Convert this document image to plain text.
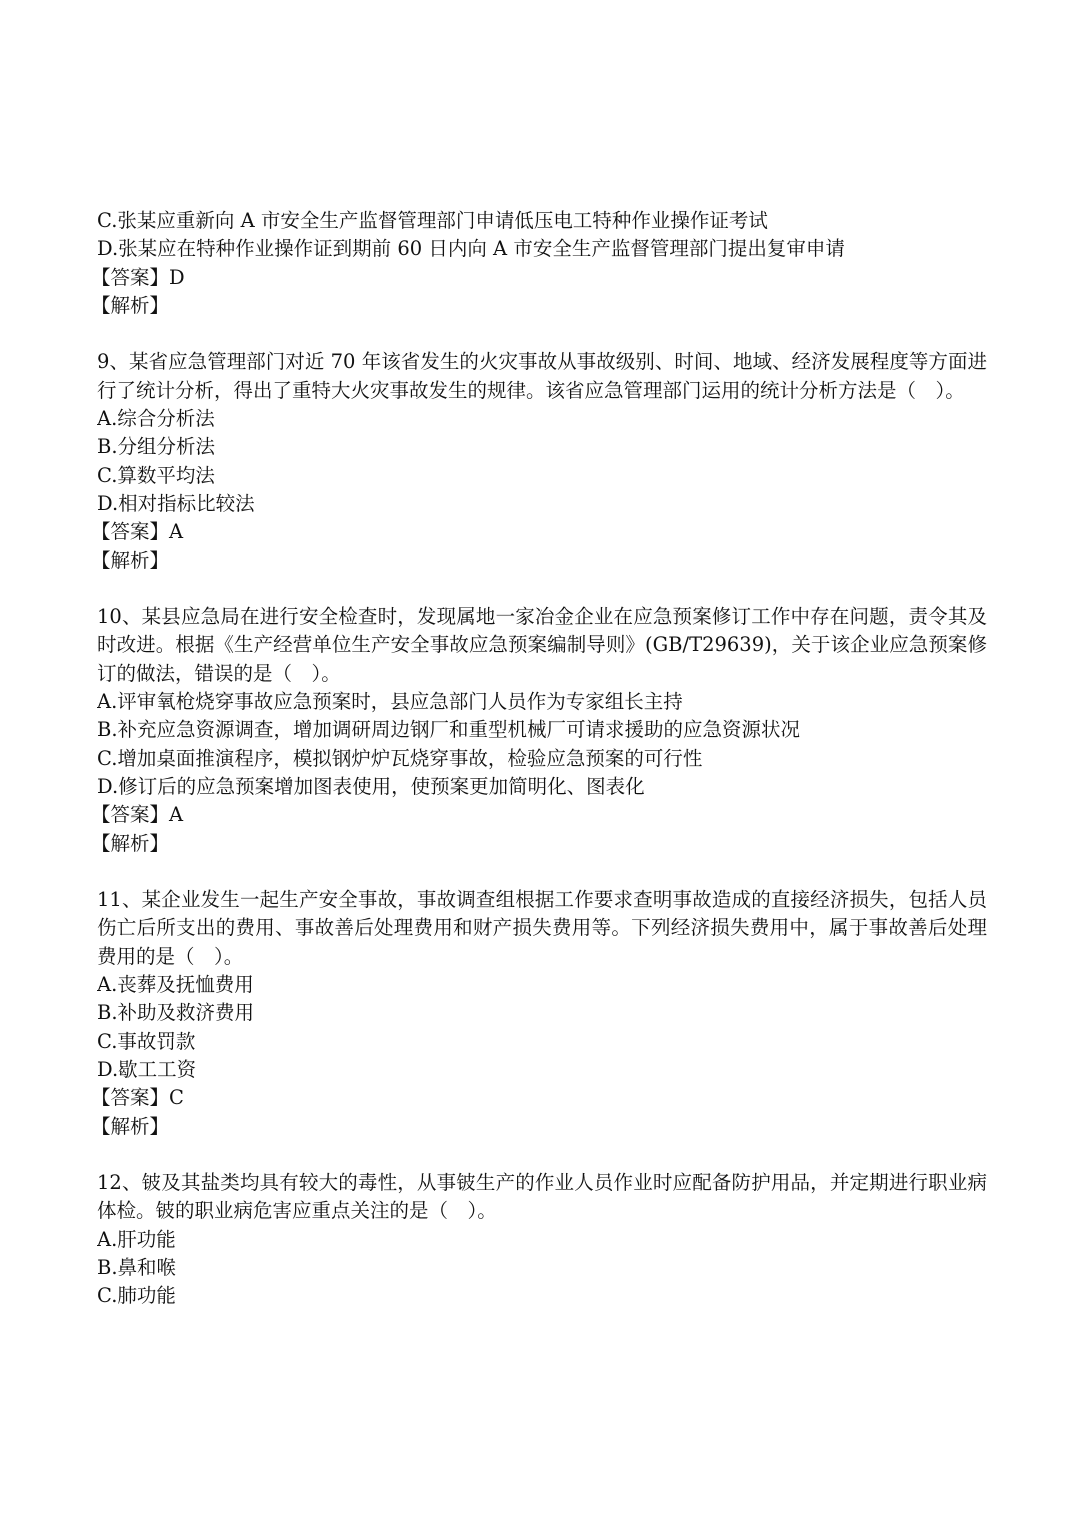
C.张某应重新向 A 市安全生产监督管理部门申请低压电工特种作业操作证考试
D.张某应在特种作业操作证到期前 60 日内向 A 市安全生产监督管理部门提出复审申请
【答案】D
【解析】
9、某省应急管理部门对近 70 年该省发生的火灾事故从事故级别、时间、地域、经济发展程度等方面进行了统计分析，得出了重特大火灾事故发生的规律。该省应急管理部门运用的统计分析方法是（　）。
A.综合分析法
B.分组分析法
C.算数平均法
D.相对指标比较法
【答案】A
【解析】
10、某县应急局在进行安全检查时，发现属地一家冶金企业在应急预案修订工作中存在问题，责令其及时改进。根据《生产经营单位生产安全事故应急预案编制导则》(GB/T29639)，关于该企业应急预案修订的做法，错误的是（　）。
A.评审氧枪烧穿事故应急预案时，县应急部门人员作为专家组长主持
B.补充应急资源调查，增加调研周边钢厂和重型机械厂可请求援助的应急资源状况
C.增加桌面推演程序，模拟钢炉炉瓦烧穿事故，检验应急预案的可行性
D.修订后的应急预案增加图表使用，使预案更加简明化、图表化
【答案】A
【解析】
11、某企业发生一起生产安全事故，事故调查组根据工作要求查明事故造成的直接经济损失，包括人员伤亡后所支出的费用、事故善后处理费用和财产损失费用等。下列经济损失费用中，属于事故善后处理费用的是（　）。
A.丧葬及抚恤费用
B.补助及救济费用
C.事故罚款
D.歇工工资
【答案】C
【解析】
12、铍及其盐类均具有较大的毒性，从事铍生产的作业人员作业时应配备防护用品，并定期进行职业病体检。铍的职业病危害应重点关注的是（　）。
A.肝功能
B.鼻和喉
C.肺功能
